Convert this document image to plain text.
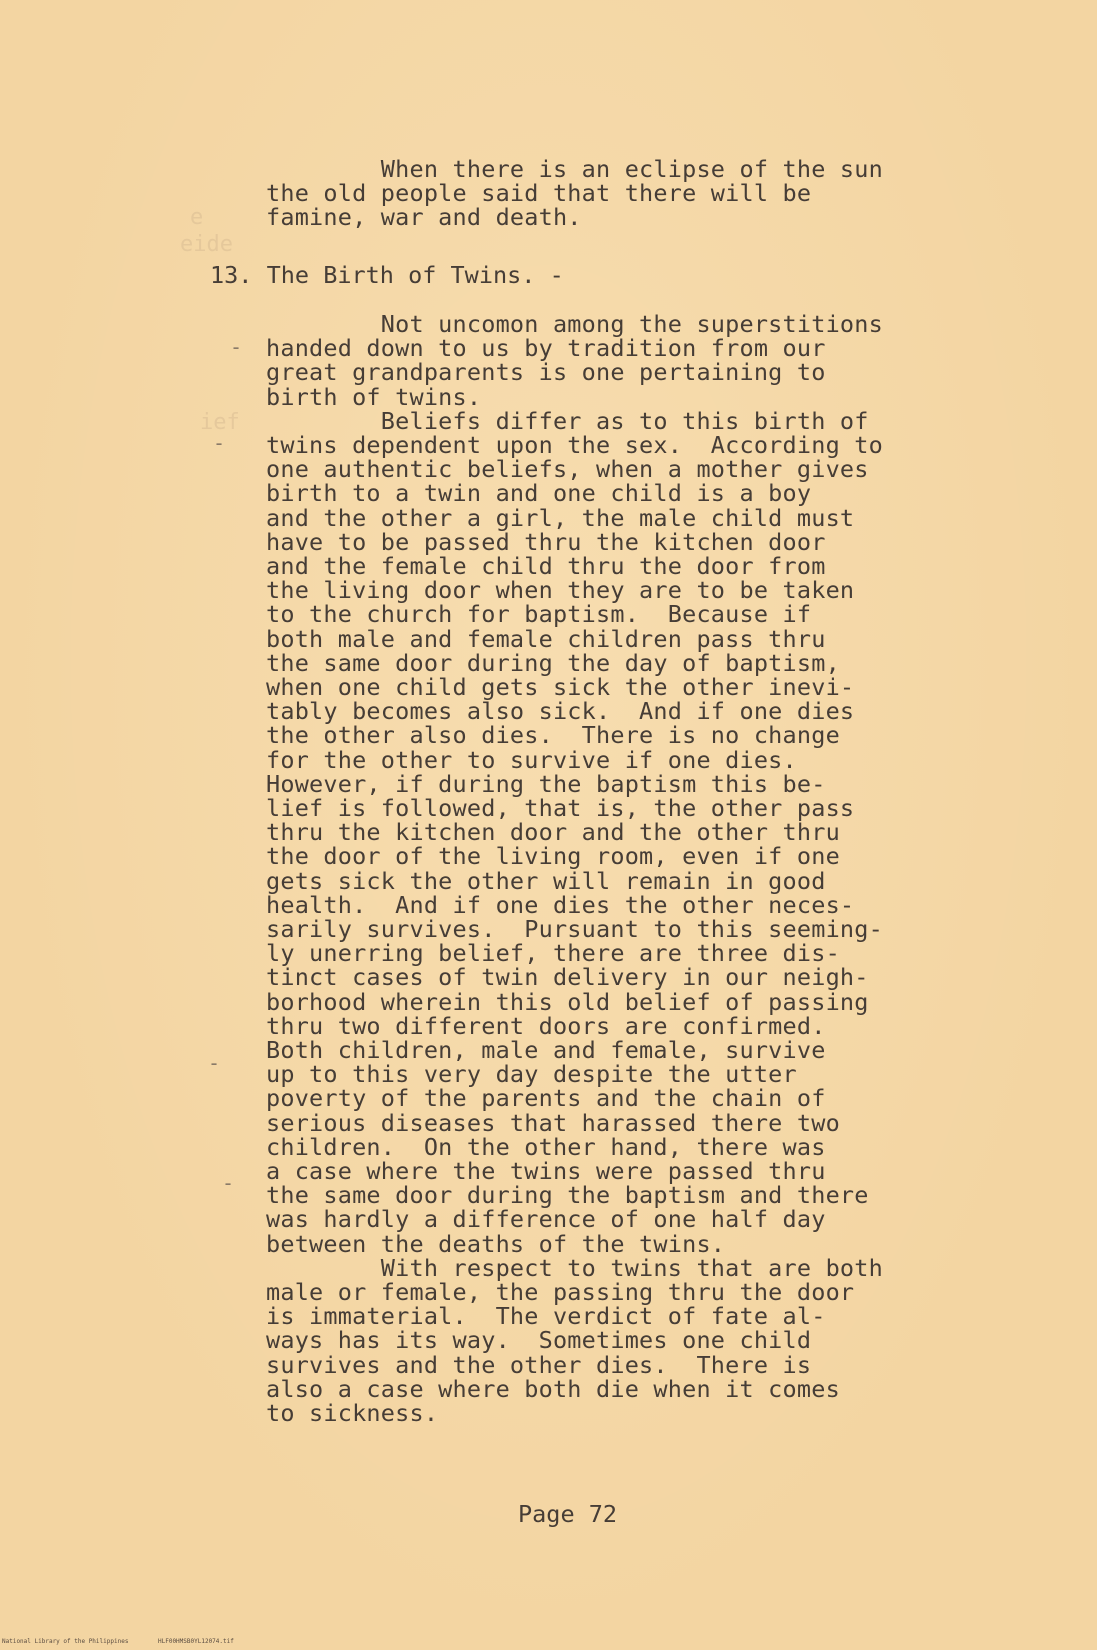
e
eide
ief
-
-
-
-
When there is an eclipse of the sun
the old people said that there will be
famine, war and death.
13. The Birth of Twins. -
Not uncomon among the superstitions
handed down to us by tradition from our
great grandparents is one pertaining to
birth of twins.
Beliefs differ as to this birth of
twins dependent upon the sex.  According to
one authentic beliefs, when a mother gives
birth to a twin and one child is a boy
and the other a girl, the male child must
have to be passed thru the kitchen door
and the female child thru the door from
the living door when they are to be taken
to the church for baptism.  Because if
both male and female children pass thru
the same door during the day of baptism,
when one child gets sick the other inevi-
tably becomes also sick.  And if one dies
the other also dies.  There is no change
for the other to survive if one dies.
However, if during the baptism this be-
lief is followed, that is, the other pass
thru the kitchen door and the other thru
the door of the living room, even if one
gets sick the other will remain in good
health.  And if one dies the other neces-
sarily survives.  Pursuant to this seeming-
ly unerring belief, there are three dis-
tinct cases of twin delivery in our neigh-
borhood wherein this old belief of passing
thru two different doors are confirmed.
Both children, male and female, survive
up to this very day despite the utter
poverty of the parents and the chain of
serious diseases that harassed there two
children.  On the other hand, there was
a case where the twins were passed thru
the same door during the baptism and there
was hardly a difference of one half day
between the deaths of the twins.
With respect to twins that are both
male or female, the passing thru the door
is immaterial.  The verdict of fate al-
ways has its way.  Sometimes one child
survives and the other dies.  There is
also a case where both die when it comes
to sickness.
Page 72
National Library of the Philippines	HLF00HMSB0YL12074.tif
